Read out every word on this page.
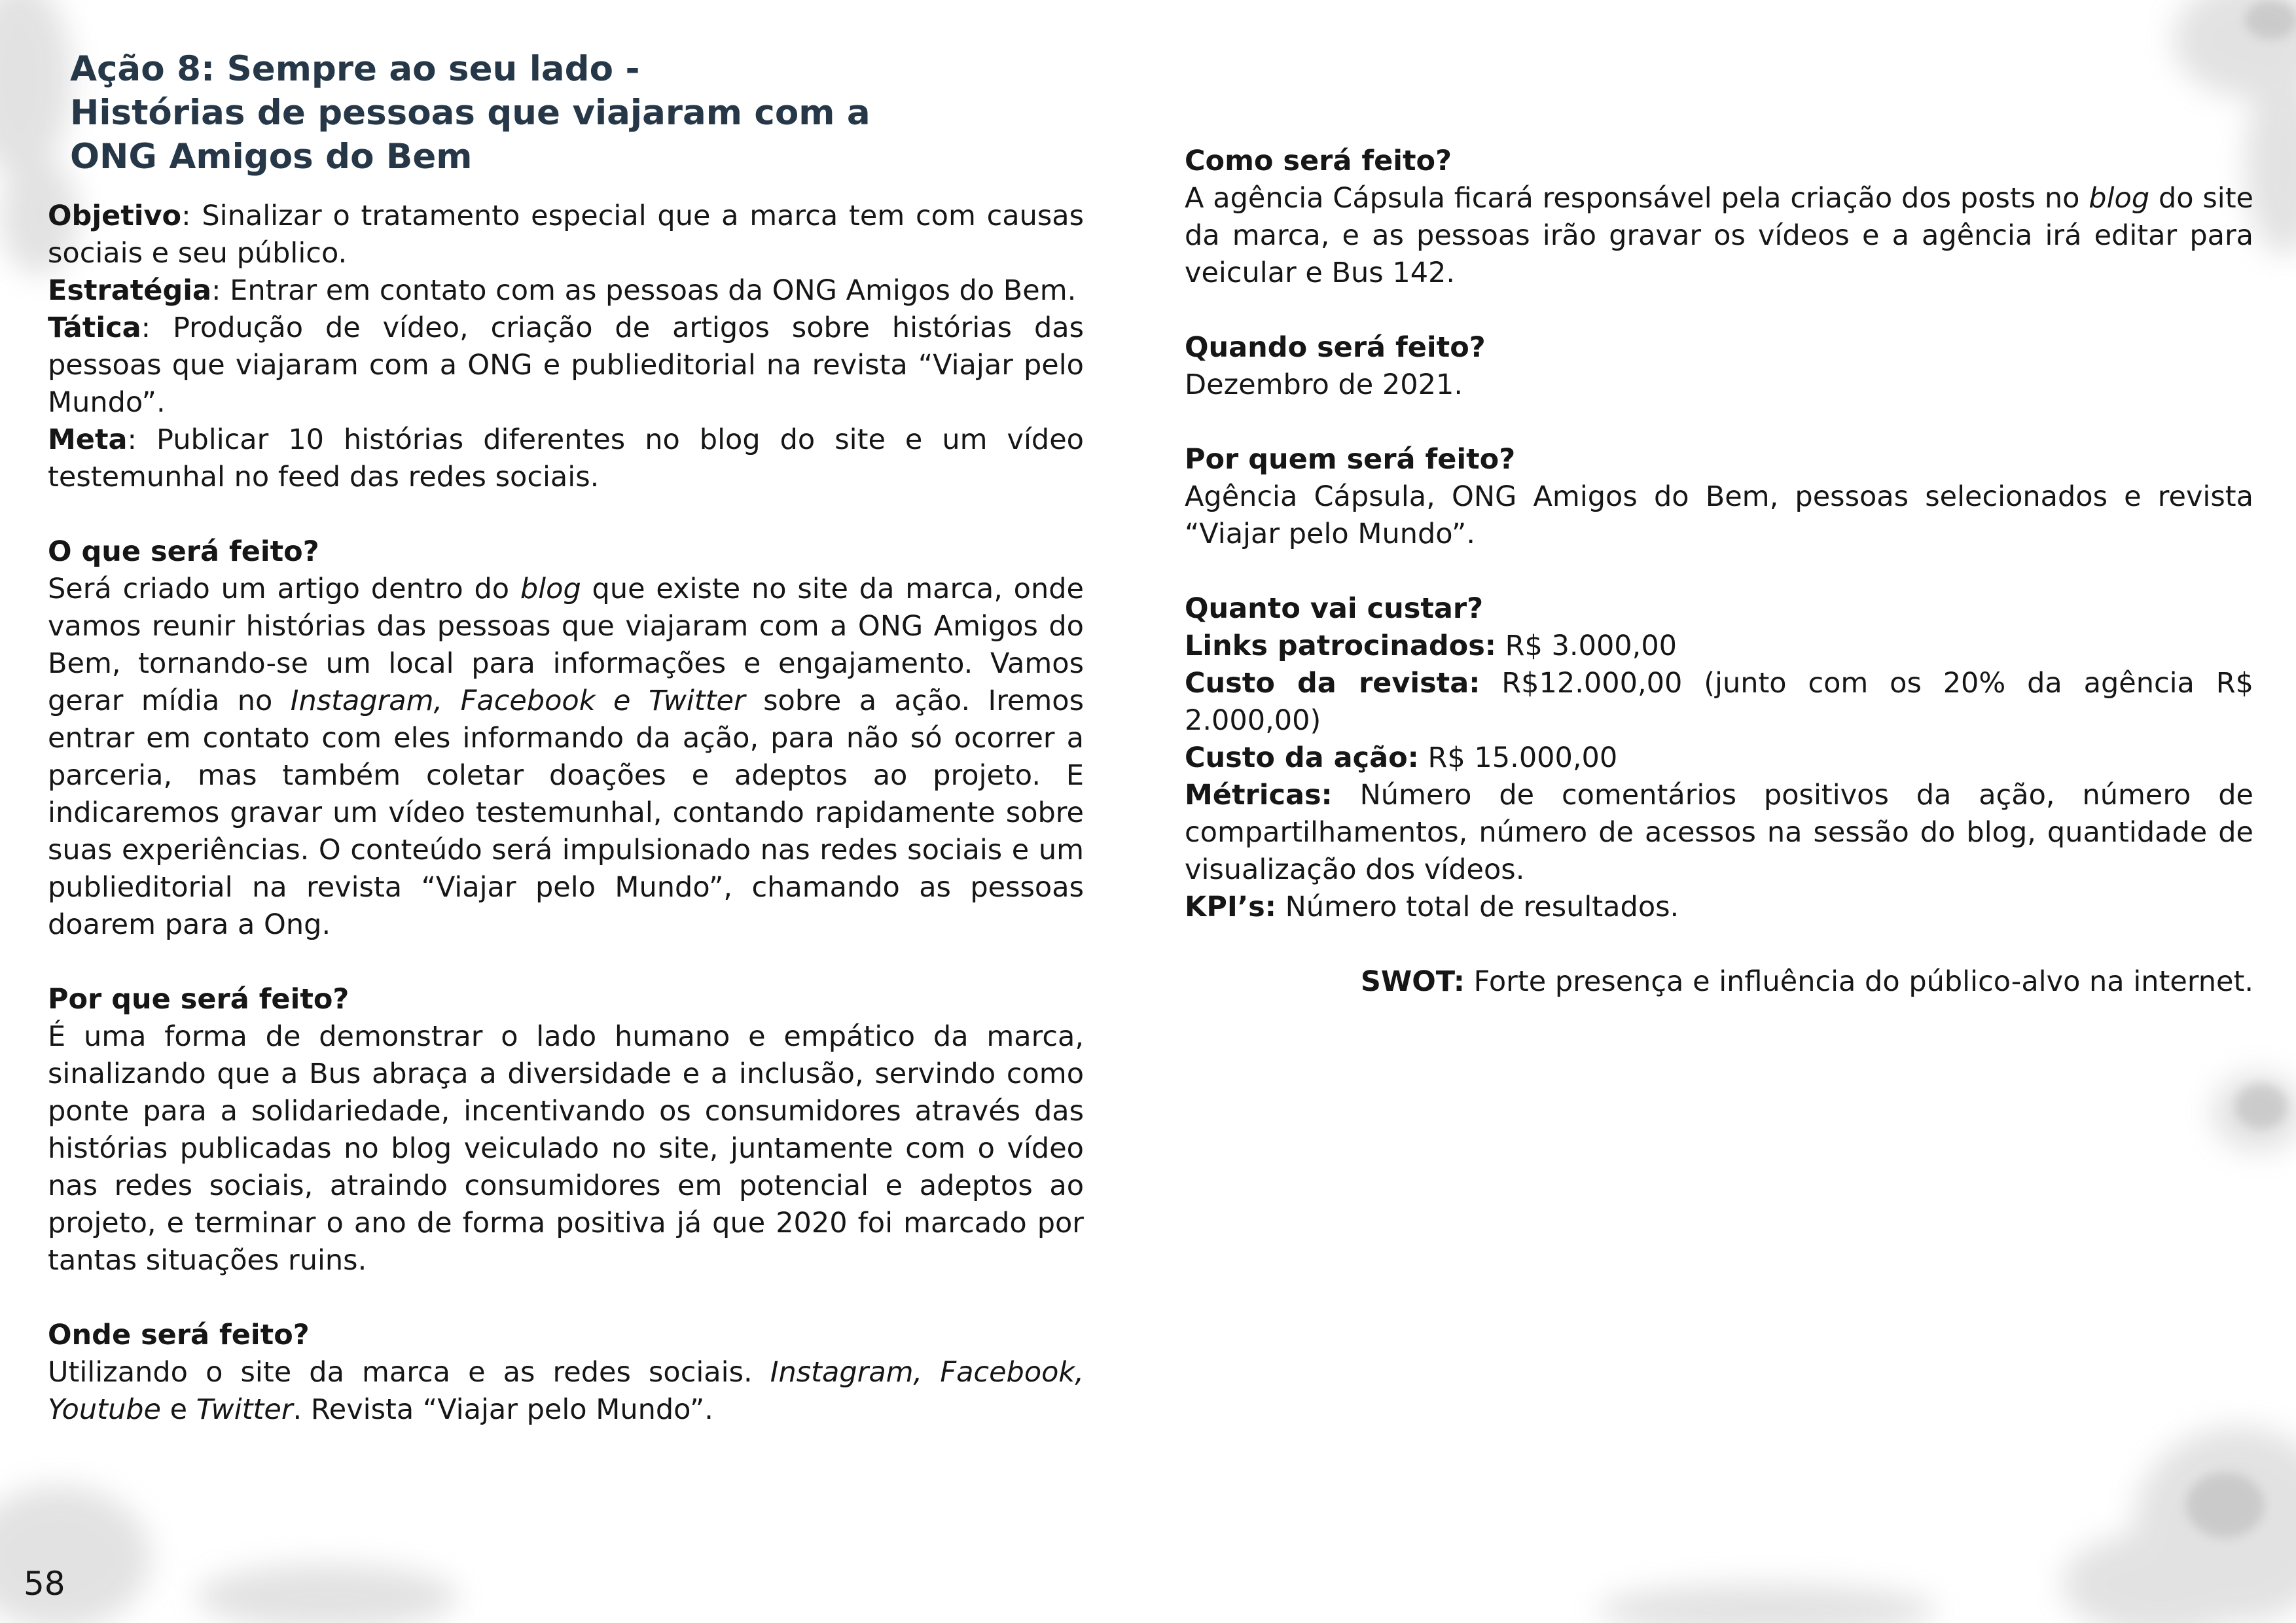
Ação 8: Sempre ao seu lado -
Histórias de pessoas que viajaram com a
ONG Amigos do Bem

Objetivo: Sinalizar o tratamento especial que a marca tem com causas sociais e seu público.

Estratégia: Entrar em contato com as pessoas da ONG Amigos do Bem.

Tática: Produção de vídeo, criação de artigos sobre histórias das pessoas que viajaram com a ONG e publieditorial na revista “Viajar pelo Mundo”.

Meta: Publicar 10 histórias diferentes no blog do site e um vídeo testemunhal no feed das redes sociais.

O que será feito?

Será criado um artigo dentro do blog que existe no site da marca, onde vamos reunir histórias das pessoas que viajaram com a ONG Amigos do Bem, tornando-se um local para informações e engajamento. Vamos gerar mídia no Instagram, Facebook e Twitter sobre a ação. Iremos entrar em contato com eles informando da ação, para não só ocorrer a parceria, mas também coletar doações e adeptos ao projeto. E indicaremos gravar um vídeo testemunhal, contando rapidamente sobre suas experiências. O conteúdo será impulsionado nas redes sociais e um publieditorial na revista “Viajar pelo Mundo”, chamando as pessoas doarem para a Ong.

Por que será feito?

É uma forma de demonstrar o lado humano e empático da marca, sinalizando que a Bus abraça a diversidade e a inclusão, servindo como ponte para a solidariedade, incentivando os consumidores através das histórias publicadas no blog veiculado no site, juntamente com o vídeo nas redes sociais, atraindo consumidores em potencial e adeptos ao projeto, e terminar o ano de forma positiva já que 2020 foi marcado por tantas situações ruins.

Onde será feito?

Utilizando o site da marca e as redes sociais. Instagram, Facebook, Youtube e Twitter. Revista “Viajar pelo Mundo”.

Como será feito?

A agência Cápsula ficará responsável pela criação dos posts no blog do site da marca, e as pessoas irão gravar os vídeos e a agência irá editar para veicular e Bus 142.

Quando será feito?

Dezembro de 2021.

Por quem será feito?

Agência Cápsula, ONG Amigos do Bem, pessoas selecionados e revista “Viajar pelo Mundo”.

Quanto vai custar?

Links patrocinados: R$ 3.000,00

Custo da revista: R$12.000,00 (junto com os 20% da agência R$ 2.000,00)

Custo da ação: R$ 15.000,00

Métricas: Número de comentários positivos da ação, número de compartilhamentos, número de acessos na sessão do blog, quantidade de visualização dos vídeos.

KPI’s: Número total de resultados.

SWOT: Forte presença e influência do público-alvo na internet.

58
